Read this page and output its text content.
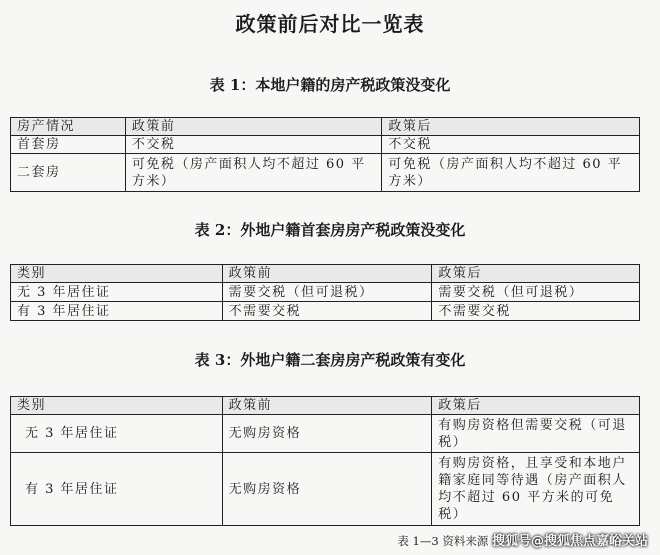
政策前后对比一览表
表 1：本地户籍的房产税政策没变化
房产情况	政策前	政策后
首套房	不交税	不交税
二套房	可免税（房产面积人均不超过 60 平方米）	可免税（房产面积人均不超过 60 平方米）
表 2：外地户籍首套房房产税政策没变化
类别	政策前	政策后
无 3 年居住证	需要交税（但可退税）	需要交税（但可退税）
有 3 年居住证	不需要交税	不需要交税
表 3：外地户籍二套房房产税政策有变化
类别	政策前	政策后
无 3 年居住证	无购房资格	有购房资格但需要交税（可退税）
有 3 年居住证	无购房资格	有购房资格，且享受和本地户籍家庭同等待遇（房产面积人均不超过 60 平方米的可免税）
表 1—3 资料来源 搜狐号@搜狐焦点嘉峪关站
